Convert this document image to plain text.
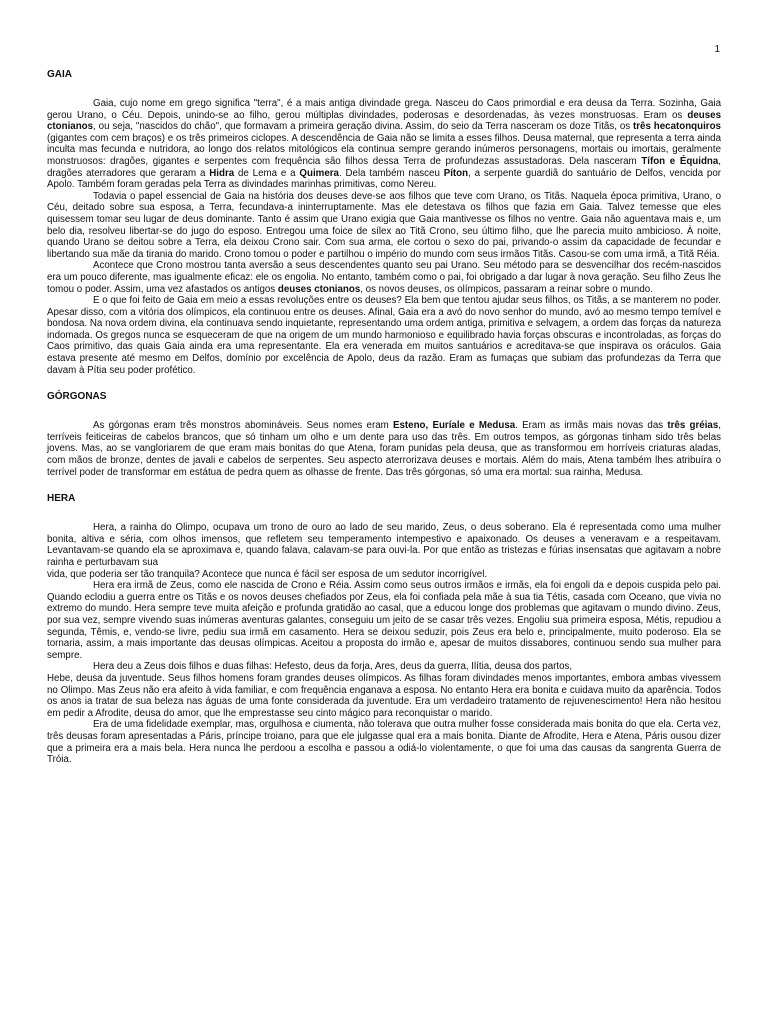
1
GAIA

Gaia, cujo nome em grego significa "terra", é a mais antiga divindade grega. Nasceu do Caos primordial e era deusa da Terra. Sozinha, Gaia gerou Urano, o Céu. Depois, unindo-se ao filho, gerou múltiplas divindades, poderosas e desordenadas, às vezes monstruosas. Eram os deuses ctonianos, ou seja, "nascidos do chão", que formavam a primeira geração divina. Assim, do seio da Terra nasceram os doze Titãs, os três hecatonquiros (gigantes com cem braços) e os três primeiros ciclopes. A descendência de Gaia não se limita a esses filhos. Deusa maternal, que representa a terra ainda inculta mas fecunda e nutridora, ao longo dos relatos mitológicos ela continua sempre gerando inúmeros personagens, mortais ou imortais, geralmente monstruosos: dragões, gigantes e serpentes com frequência são filhos dessa Terra de profundezas assustadoras. Dela nasceram Tífon e Équidna, dragões aterradores que geraram a Hidra de Lema e a Quimera. Dela também nasceu Píton, a serpente guardiã do santuário de Delfos, vencida por Apolo. Também foram geradas pela Terra as divindades marinhas primitivas, como Nereu.

Todavia o papel essencial de Gaia na história dos deuses deve-se aos filhos que teve com Urano, os Titãs. Naquela época primitiva, Urano, o Céu, deitado sobre sua esposa, a Terra, fecundava-a ininterruptamente. Mas ele detestava os filhos que fazia em Gaia. Talvez temesse que eles quisessem tomar seu lugar de deus dominante. Tanto é assim que Urano exigia que Gaia mantivesse os filhos no ventre. Gaia não aguentava mais e, um belo dia, resolveu libertar-se do jugo do esposo. Entregou uma foice de sílex ao Titã Crono, seu último filho, que lhe parecia muito ambicioso. À noite, quando Urano se deitou sobre a Terra, ela deixou Crono sair. Com sua arma, ele cortou o sexo do pai, privando-o assim da capacidade de fecundar e libertando sua mãe da tirania do marido. Crono tomou o poder e partilhou o império do mundo com seus irmãos Titãs. Casou-se com uma irmã, a Titã Réia.

Acontece que Crono mostrou tanta aversão a seus descendentes quanto seu pai Urano. Seu método para se desvencilhar dos recém-nascidos era um pouco diferente, mas igualmente eficaz: ele os engolia. No entanto, também como o pai, foi obrigado a dar lugar à nova geração. Seu filho Zeus lhe tomou o poder. Assim, uma vez afastados os antigos deuses ctonianos, os novos deuses, os olímpicos, passaram a reinar sobre o mundo.

E o que foi feito de Gaia em meio a essas revoluções entre os deuses? Ela bem que tentou ajudar seus filhos, os Titãs, a se manterem no poder. Apesar disso, com a vitória dos olímpicos, ela continuou entre os deuses. Afinal, Gaia era a avó do novo senhor do mundo, avó ao mesmo tempo temível e bondosa. Na nova ordem divina, ela continuava sendo inquietante, representando uma ordem antiga, primitiva e selvagem, a ordem das forças da natureza indomada. Os gregos nunca se esqueceram de que na origem de um mundo harmonioso e equilibrado havia forças obscuras e incontroladas, as forças do Caos primitivo, das quais Gaia ainda era uma representante. Ela era venerada em muitos santuários e acreditava-se que inspirava os oráculos. Gaia estava presente até mesmo em Delfos, domínio por excelência de Apolo, deus da razão. Eram as fumaças que subiam das profundezas da Terra que davam à Pítia seu poder profético.

GÓRGONAS

As górgonas eram três monstros abomináveis. Seus nomes eram Esteno, Euríale e Medusa. Eram as irmãs mais novas das três gréias, terríveis feiticeiras de cabelos brancos, que só tinham um olho e um dente para uso das três. Em outros tempos, as górgonas tinham sido três belas jovens. Mas, ao se vangloriarem de que eram mais bonitas do que Atena, foram punidas pela deusa, que as transformou em horríveis criaturas aladas, com mãos de bronze, dentes de javali e cabelos de serpentes. Seu aspecto aterrorizava deuses e mortais. Além do mais, Atena também lhes atribuíra o terrível poder de transformar em estátua de pedra quem as olhasse de frente. Das três górgonas, só uma era mortal: sua rainha, Medusa.

HERA

Hera, a rainha do Olimpo, ocupava um trono de ouro ao lado de seu marido, Zeus, o deus soberano. Ela é representada como uma mulher bonita, altiva e séria, com olhos imensos, que refletem seu temperamento intempestivo e apaixonado. Os deuses a veneravam e a respeitavam. Levantavam-se quando ela se aproximava e, quando falava, calavam-se para ouvi-la. Por que então as tristezas e fúrias insensatas que agitavam a nobre rainha e perturbavam sua

vida, que poderia ser tão tranquila? Acontece que nunca é fácil ser esposa de um sedutor incorrigível.

Hera era irmã de Zeus, como ele nascida de Crono e Réia. Assim como seus outros irmãos e irmãs, ela foi engoli da e depois cuspida pelo pai. Quando eclodiu a guerra entre os Titãs e os novos deuses chefiados por Zeus, ela foi confiada pela mãe à sua tia Tétis, casada com Oceano, que vivia no extremo do mundo. Hera sempre teve muita afeição e profunda gratidão ao casal, que a educou longe dos problemas que agitavam o mundo divino. Zeus, por sua vez, sempre vivendo suas inúmeras aventuras galantes, conseguiu um jeito de se casar três vezes. Engoliu sua primeira esposa, Métis, repudiou a segunda, Têmis, e, vendo-se livre, pediu sua irmã em casamento. Hera se deixou seduzir, pois Zeus era belo e, principalmente, muito poderoso. Ela se tornaria, assim, a mais importante das deusas olímpicas. Aceitou a proposta do irmão e, apesar de muitos dissabores, continuou sendo sua mulher para sempre.

Hera deu a Zeus dois filhos e duas filhas: Hefesto, deus da forja, Ares, deus da guerra, Ilítia, deusa dos partos,

Hebe, deusa da juventude. Seus filhos homens foram grandes deuses olímpicos. As filhas foram divindades menos importantes, embora ambas vivessem no Olimpo. Mas Zeus não era afeito à vida familiar, e com frequência enganava a esposa. No entanto Hera era bonita e cuidava muito da aparência. Todos os anos ia tratar de sua beleza nas águas de uma fonte considerada da juventude. Era um verdadeiro tratamento de rejuvenescimento! Hera não hesitou em pedir a Afrodite, deusa do amor, que lhe emprestasse seu cinto mágico para reconquistar o marido.

Era de uma fidelidade exemplar, mas, orgulhosa e ciumenta, não tolerava que outra mulher fosse considerada mais bonita do que ela. Certa vez, três deusas foram apresentadas a Páris, príncipe troiano, para que ele julgasse qual era a mais bonita. Diante de Afrodite, Hera e Atena, Páris ousou dizer que a primeira era a mais bela. Hera nunca lhe perdoou a escolha e passou a odiá-lo violentamente, o que foi uma das causas da sangrenta Guerra de Tróia.
